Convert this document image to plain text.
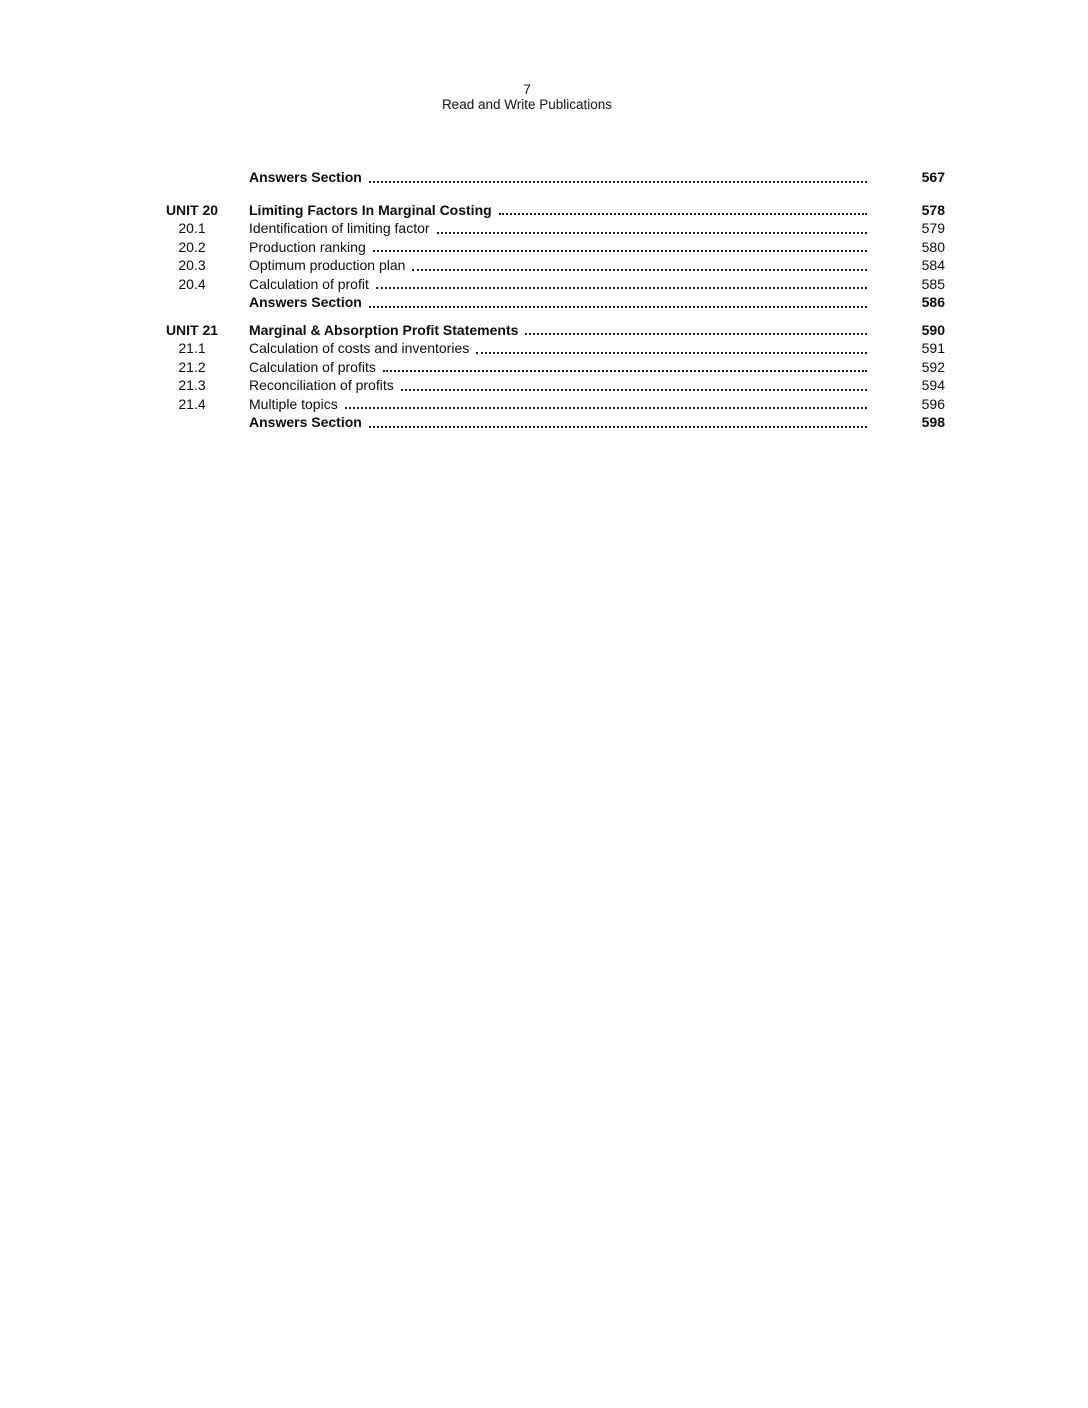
7
Read and Write Publications
Answers Section	567
UNIT 20 Limiting Factors In Marginal Costing	578
20.1	Identification of limiting factor	579
20.2	Production ranking	580
20.3	Optimum production plan	584
20.4	Calculation of profit	585
Answers Section	586
UNIT 21 Marginal & Absorption Profit Statements	590
21.1	Calculation of costs and inventories	591
21.2	Calculation of profits	592
21.3	Reconciliation of profits	594
21.4	Multiple topics	596
Answers Section	598
